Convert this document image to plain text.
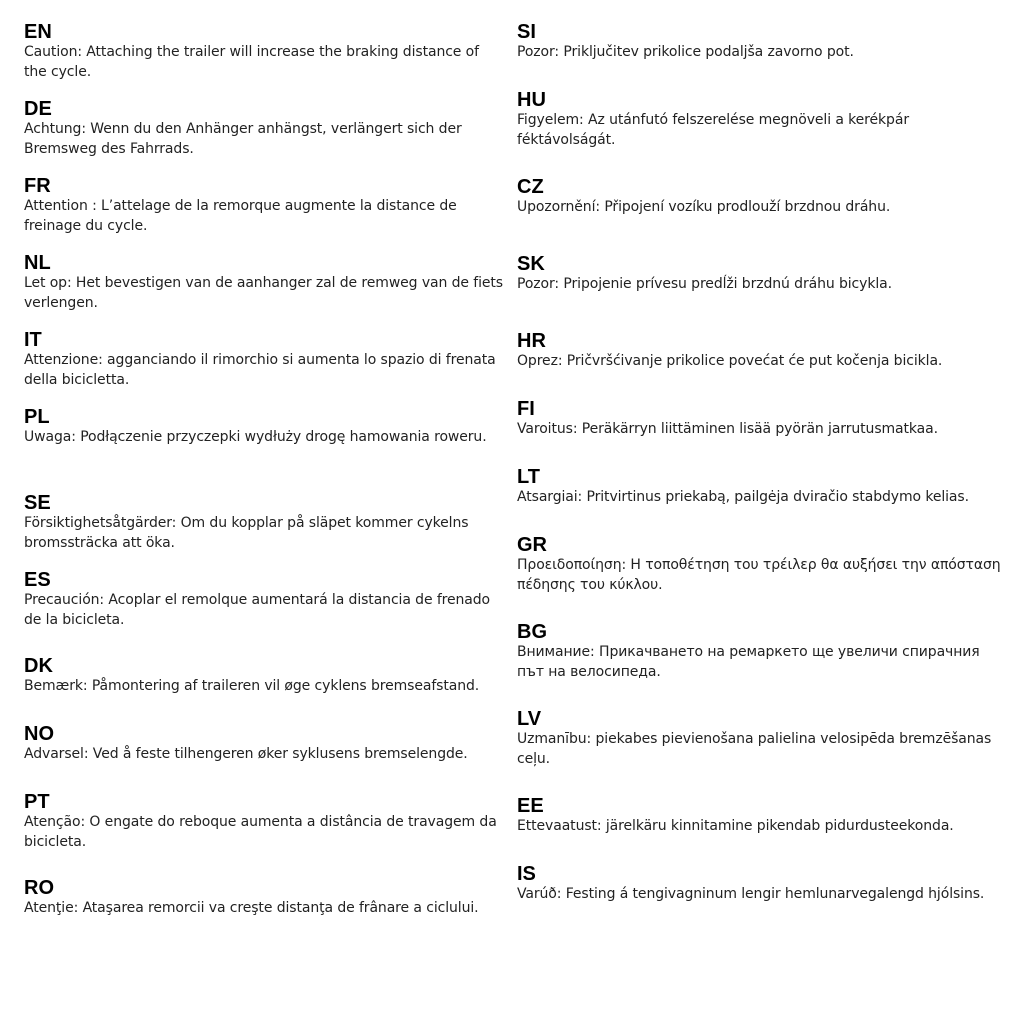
EN
Caution: Attaching the trailer will increase the braking distance of the cycle.
DE
Achtung: Wenn du den Anhänger anhängst, verlängert sich der Bremsweg des Fahrrads.
FR
Attention : L’attelage de la remorque augmente la distance de freinage du cycle.
NL
Let op: Het bevestigen van de aanhanger zal de remweg van de fiets verlengen.
IT
Attenzione: agganciando il rimorchio si aumenta lo spazio di frenata della bicicletta.
PL
Uwaga: Podłączenie przyczepki wydłuży drogę hamowania roweru.
SE
Försiktighetsåtgärder: Om du kopplar på släpet kommer cykelns bromssträcka att öka.
ES
Precaución: Acoplar el remolque aumentará la distancia de frenado de la bicicleta.
DK
Bemærk: Påmontering af traileren vil øge cyklens bremseafstand.
NO
Advarsel: Ved å feste tilhengeren øker syklusens bremselengde.
PT
Atenção: O engate do reboque aumenta a distância de travagem da bicicleta.
RO
Atenţie: Ataşarea remorcii va creşte distanţa de frânare a ciclului.
SI
Pozor: Priključitev prikolice podaljša zavorno pot.
HU
Figyelem: Az utánfutó felszerelése megnöveli a kerékpár féktávolságát.
CZ
Upozornění: Připojení vozíku prodlouží brzdnou dráhu.
SK
Pozor: Pripojenie prívesu predĺži brzdnú dráhu bicykla.
HR
Oprez: Pričvršćivanje prikolice povećat će put kočenja bicikla.
FI
Varoitus: Peräkärryn liittäminen lisää pyörän jarrutusmatkaa.
LT
Atsargiai: Pritvirtinus priekabą, pailgėja dviračio stabdymo kelias.
GR
Προειδοποίηση: Η τοποθέτηση του τρέιλερ θα αυξήσει την απόσταση πέδησης του κύκλου.
BG
Внимание: Прикачването на ремаркето ще увеличи спирачния път на велосипеда.
LV
Uzmanību: piekabes pievienošana palielina velosipēda bremzēšanas ceļu.
EE
Ettevaatust: järelkäru kinnitamine pikendab pidurdusteekonda.
IS
Varúð: Festing á tengivagninum lengir hemlunarvegalengd hjólsins.
